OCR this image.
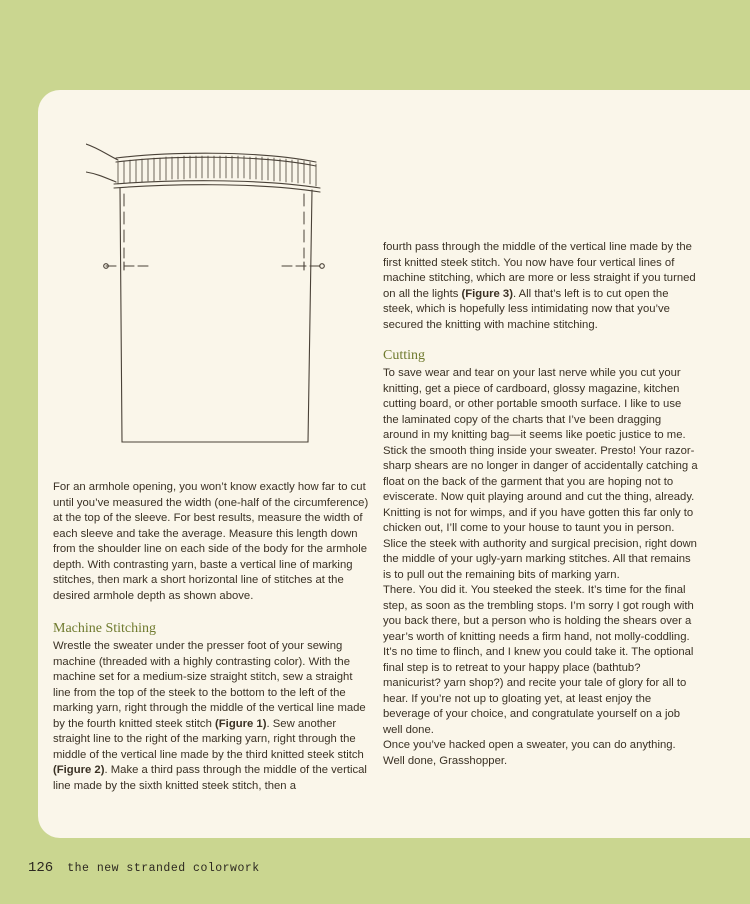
For an armhole opening, you won’t know exactly how far to cut until you’ve measured the width (one-half of the circumference) at the top of the sleeve. For best results, measure the width of each sleeve and take the average. Measure this length down from the shoulder line on each side of the body for the armhole depth. With contrasting yarn, baste a vertical line of marking stitches, then mark a short horizontal line of stitches at the desired armhole depth as shown above.

Machine Stitching

Wrestle the sweater under the presser foot of your sewing machine (threaded with a highly contrasting color). With the machine set for a medium-size straight stitch, sew a straight line from the top of the steek to the bottom to the left of the marking yarn, right through the middle of the vertical line made by the fourth knitted steek stitch (Figure 1). Sew another straight line to the right of the marking yarn, right through the middle of the vertical line made by the third knitted steek stitch (Figure 2). Make a third pass through the middle of the vertical line made by the sixth knitted steek stitch, then a

fourth pass through the middle of the vertical line made by the first knitted steek stitch. You now have four vertical lines of machine stitching, which are more or less straight if you turned on all the lights (Figure 3). All that’s left is to cut open the steek, which is hopefully less intimidating now that you’ve secured the knitting with machine stitching.

Cutting

To save wear and tear on your last nerve while you cut your knitting, get a piece of cardboard, glossy magazine, kitchen cutting board, or other portable smooth surface. I like to use the laminated copy of the charts that I’ve been dragging around in my knitting bag—it seems like poetic justice to me. Stick the smooth thing inside your sweater. Presto! Your razor-sharp shears are no longer in danger of accidentally catching a float on the back of the garment that you are hoping not to eviscerate. Now quit playing around and cut the thing, already. Knitting is not for wimps, and if you have gotten this far only to chicken out, I’ll come to your house to taunt you in person. Slice the steek with authority and surgical precision, right down the middle of your ugly-yarn marking stitches. All that remains is to pull out the remaining bits of marking yarn.

There. You did it. You steeked the steek. It’s time for the final step, as soon as the trembling stops. I’m sorry I got rough with you back there, but a person who is holding the shears over a year’s worth of knitting needs a firm hand, not molly-coddling. It’s no time to flinch, and I knew you could take it. The optional final step is to retreat to your happy place (bathtub? manicurist? yarn shop?) and recite your tale of glory for all to hear. If you’re not up to gloating yet, at least enjoy the beverage of your choice, and congratulate yourself on a job well done.

Once you’ve hacked open a sweater, you can do anything. Well done, Grasshopper.

126 the new stranded colorwork
